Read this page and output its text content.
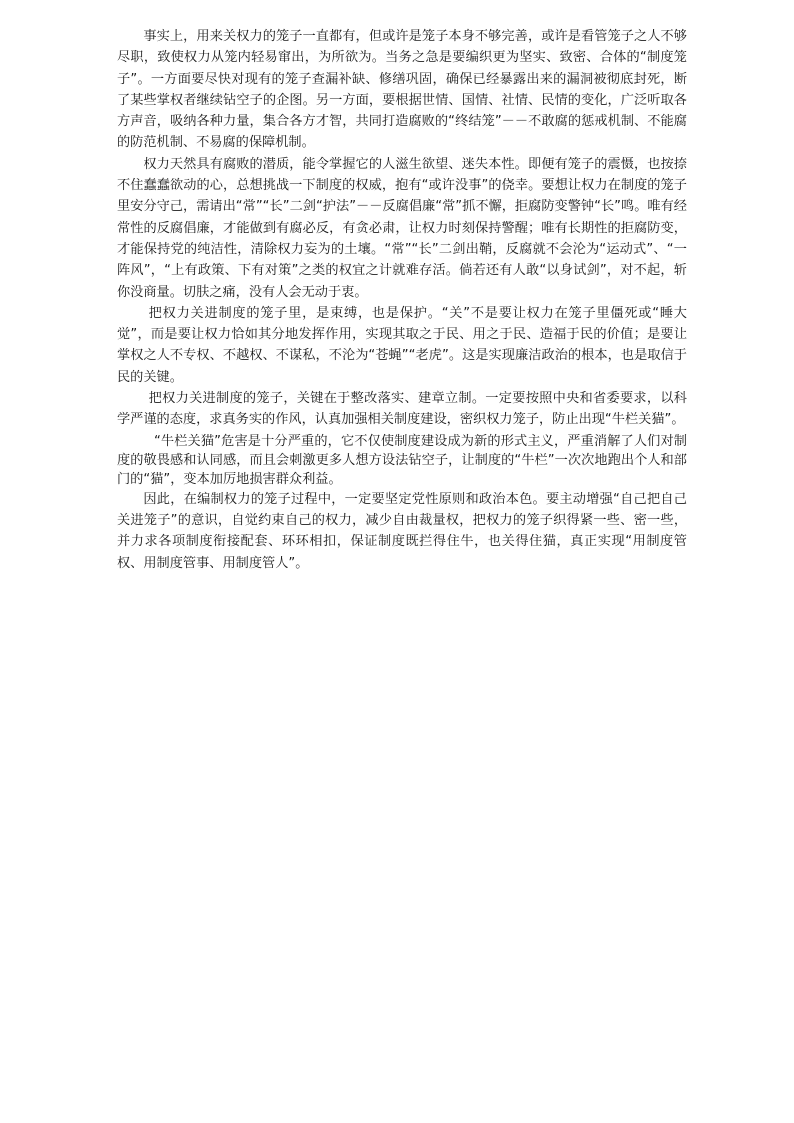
事实上，用来关权力的笼子一直都有，但或许是笼子本身不够完善，或许是看管笼子之人不够尽职，致使权力从笼内轻易窜出，为所欲为。当务之急是要编织更为坚实、致密、合体的“制度笼子”。一方面要尽快对现有的笼子查漏补缺、修缮巩固，确保已经暴露出来的漏洞被彻底封死，断了某些掌权者继续钻空子的企图。另一方面，要根据世情、国情、社情、民情的变化，广泛听取各方声音，吸纳各种力量，集合各方才智，共同打造腐败的“终结笼”－－不敢腐的惩戒机制、不能腐的防范机制、不易腐的保障机制。

权力天然具有腐败的潜质，能令掌握它的人滋生欲望、迷失本性。即便有笼子的震慑，也按捺不住蠢蠢欲动的心，总想挑战一下制度的权威，抱有“或许没事”的侥幸。要想让权力在制度的笼子里安分守己，需请出“常”“长”二剑“护法”－－反腐倡廉“常”抓不懈，拒腐防变警钟“长”鸣。唯有经常性的反腐倡廉，才能做到有腐必反，有贪必肃，让权力时刻保持警醒；唯有长期性的拒腐防变，才能保持党的纯洁性，清除权力妄为的土壤。“常”“长”二剑出鞘，反腐就不会沦为“运动式”、“一阵风”，“上有政策、下有对策”之类的权宜之计就难存活。倘若还有人敢“以身试剑”，对不起，斩你没商量。切肤之痛，没有人会无动于衷。

把权力关进制度的笼子里，是束缚，也是保护。“关”不是要让权力在笼子里僵死或“睡大觉”，而是要让权力恰如其分地发挥作用，实现其取之于民、用之于民、造福于民的价值；是要让掌权之人不专权、不越权、不谋私，不沦为“苍蝇”“老虎”。这是实现廉洁政治的根本，也是取信于民的关键。

把权力关进制度的笼子，关键在于整改落实、建章立制。一定要按照中央和省委要求，以科学严谨的态度，求真务实的作风，认真加强相关制度建设，密织权力笼子，防止出现“牛栏关猫”。

“牛栏关猫”危害是十分严重的，它不仅使制度建设成为新的形式主义，严重消解了人们对制度的敬畏感和认同感，而且会刺激更多人想方设法钻空子，让制度的“牛栏”一次次地跑出个人和部门的“猫”，变本加厉地损害群众利益。

因此，在编制权力的笼子过程中，一定要坚定党性原则和政治本色。要主动增强“自己把自己关进笼子”的意识，自觉约束自己的权力，减少自由裁量权，把权力的笼子织得紧一些、密一些，并力求各项制度衔接配套、环环相扣，保证制度既拦得住牛，也关得住猫，真正实现“用制度管权、用制度管事、用制度管人”。
